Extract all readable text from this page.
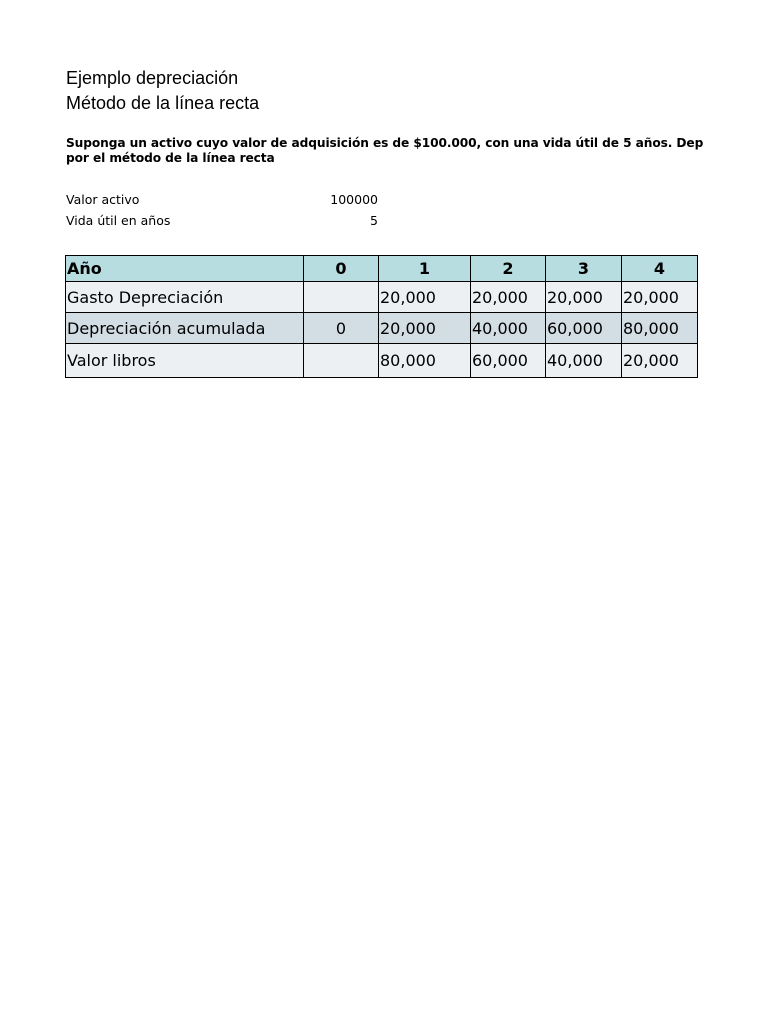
Ejemplo depreciación
Método de la línea recta
Suponga un activo cuyo valor de adquisición es de $100.000, con una vida útil de 5 años. Dep
por el método de la línea recta
Valor activo	100000
Vida útil en años	5
Año	0	1	2	3	4
Gasto Depreciación		20,000	20,000	20,000	20,000
Depreciación acumulada	0	20,000	40,000	60,000	80,000
Valor libros		80,000	60,000	40,000	20,000
